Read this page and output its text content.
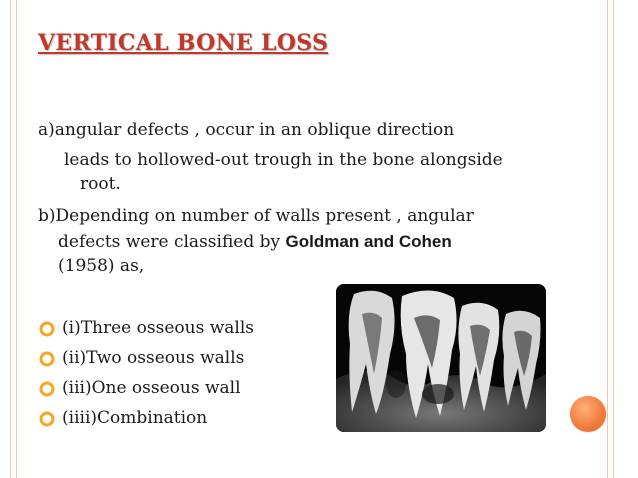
VERTICAL BONE LOSS
a)angular defects , occur in an oblique direction
leads to hollowed-out trough in the bone alongside
root.
b)Depending on number of walls present , angular
defects were classified by Goldman and Cohen
(1958) as,
(i)Three osseous walls
(ii)Two osseous walls
(iii)One osseous wall
(iiii)Combination
